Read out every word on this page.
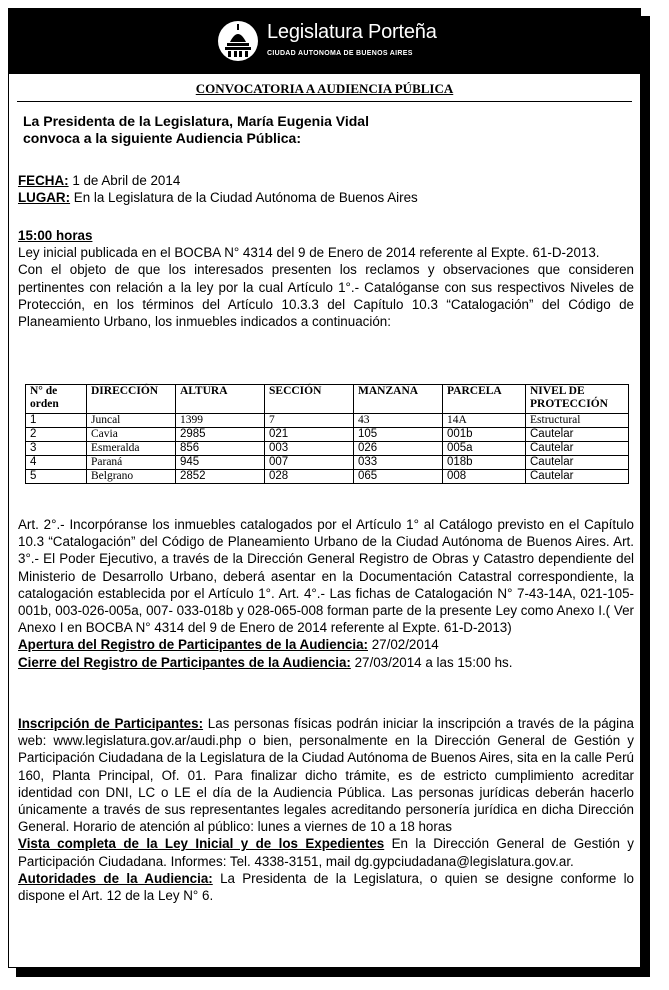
Legislatura Porteña
CIUDAD AUTONOMA DE BUENOS AIRES
CONVOCATORIA A AUDIENCIA PÚBLICA
La Presidenta de la Legislatura, María Eugenia Vidal
convoca a la siguiente Audiencia Pública:
FECHA: 1 de Abril de 2014
LUGAR: En la Legislatura de la Ciudad Autónoma de Buenos Aires
15:00 horas
Ley inicial publicada en el BOCBA N° 4314 del 9 de Enero de 2014 referente al Expte. 61-D-2013.
Con el objeto de que los interesados presenten los reclamos y observaciones que consideren pertinentes con relación a la ley por la cual Artículo 1°.- Catalóganse con sus respectivos Niveles de Protección, en los términos del Artículo 10.3.3 del Capítulo 10.3 “Catalogación” del Código de Planeamiento Urbano, los inmuebles indicados a continuación:
N° de orden	DIRECCIÓN	ALTURA	SECCIÓN	MANZANA	PARCELA	NIVEL DE PROTECCIÓN
1	Juncal	1399	7	43	14A	Estructural
2	Cavia	2985	021	105	001b	Cautelar
3	Esmeralda	856	003	026	005a	Cautelar
4	Paraná	945	007	033	018b	Cautelar
5	Belgrano	2852	028	065	008	Cautelar
Art. 2°.- Incorpóranse los inmuebles catalogados por el Artículo 1° al Catálogo previsto en el Capítulo 10.3 “Catalogación” del Código de Planeamiento Urbano de la Ciudad Autónoma de Buenos Aires. Art. 3°.- El Poder Ejecutivo, a través de la Dirección General Registro de Obras y Catastro dependiente del Ministerio de Desarrollo Urbano, deberá asentar en la Documentación Catastral correspondiente, la catalogación establecida por el Artículo 1°. Art. 4°.- Las fichas de Catalogación N° 7-43-14A, 021-105-001b, 003-026-005a, 007- 033-018b y 028-065-008 forman parte de la presente Ley como Anexo I.( Ver Anexo I en BOCBA N° 4314 del 9 de Enero de 2014 referente al Expte. 61-D-2013)
Apertura del Registro de Participantes de la Audiencia: 27/02/2014
Cierre del Registro de Participantes de la Audiencia: 27/03/2014 a las 15:00 hs.
Inscripción de Participantes: Las personas físicas podrán iniciar la inscripción a través de la página web: www.legislatura.gov.ar/audi.php o bien, personalmente en la Dirección General de Gestión y Participación Ciudadana de la Legislatura de la Ciudad Autónoma de Buenos Aires, sita en la calle Perú 160, Planta Principal, Of. 01. Para finalizar dicho trámite, es de estricto cumplimiento acreditar identidad con DNI, LC o LE el día de la Audiencia Pública. Las personas jurídicas deberán hacerlo únicamente a través de sus representantes legales acreditando personería jurídica en dicha Dirección General. Horario de atención al público: lunes a viernes de 10 a 18 horas
Vista completa de la Ley Inicial y de los Expedientes En la Dirección General de Gestión y Participación Ciudadana. Informes: Tel. 4338-3151, mail dg.gypciudadana@legislatura.gov.ar.
Autoridades de la Audiencia: La Presidenta de la Legislatura, o quien se designe conforme lo dispone el Art. 12 de la Ley N° 6.
